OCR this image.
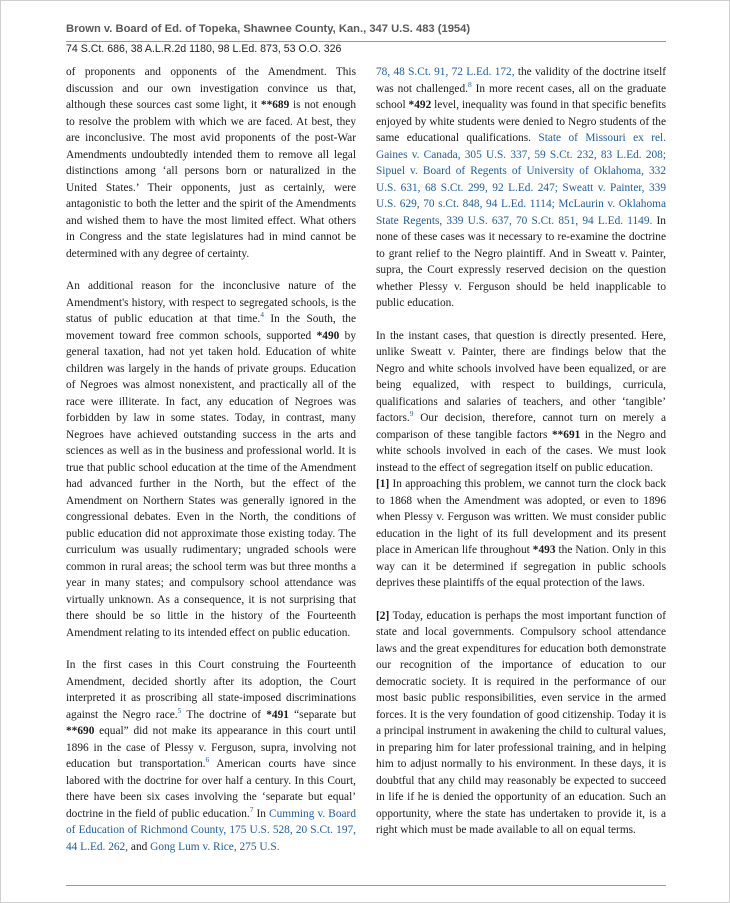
Brown v. Board of Ed. of Topeka, Shawnee County, Kan., 347 U.S. 483 (1954)
74 S.Ct. 686, 38 A.L.R.2d 1180, 98 L.Ed. 873, 53 O.O. 326

of proponents and opponents of the Amendment. This discussion and our own investigation convince us that, although these sources cast some light, it **689 is not enough to resolve the problem with which we are faced. At best, they are inconclusive. The most avid proponents of the post-War Amendments undoubtedly intended them to remove all legal distinctions among ‘all persons born or naturalized in the United States.’ Their opponents, just as certainly, were antagonistic to both the letter and the spirit of the Amendments and wished them to have the most limited effect. What others in Congress and the state legislatures had in mind cannot be determined with any degree of certainty.

An additional reason for the inconclusive nature of the Amendment's history, with respect to segregated schools, is the status of public education at that time.$^4$ In the South, the movement toward free common schools, supported *490 by general taxation, had not yet taken hold. Education of white children was largely in the hands of private groups. Education of Negroes was almost nonexistent, and practically all of the race were illiterate. In fact, any education of Negroes was forbidden by law in some states. Today, in contrast, many Negroes have achieved outstanding success in the arts and sciences as well as in the business and professional world. It is true that public school education at the time of the Amendment had advanced further in the North, but the effect of the Amendment on Northern States was generally ignored in the congressional debates. Even in the North, the conditions of public education did not approximate those existing today. The curriculum was usually rudimentary; ungraded schools were common in rural areas; the school term was but three months a year in many states; and compulsory school attendance was virtually unknown. As a consequence, it is not surprising that there should be so little in the history of the Fourteenth Amendment relating to its intended effect on public education.

In the first cases in this Court construing the Fourteenth Amendment, decided shortly after its adoption, the Court interpreted it as proscribing all state-imposed discriminations against the Negro race.$^5$ The doctrine of *491 “separate but **690 equal” did not make its appearance in this court until 1896 in the case of Plessy v. Ferguson, supra, involving not education but transportation.$^6$ American courts have since labored with the doctrine for over half a century. In this Court, there have been six cases involving the ‘separate but equal’ doctrine in the field of public education.$^7$ In Cumming v. Board of Education of Richmond County, 175 U.S. 528, 20 S.Ct. 197, 44 L.Ed. 262, and Gong Lum v. Rice, 275 U.S.

78, 48 S.Ct. 91, 72 L.Ed. 172, the validity of the doctrine itself was not challenged.$^8$ In more recent cases, all on the graduate school *492 level, inequality was found in that specific benefits enjoyed by white students were denied to Negro students of the same educational qualifications. State of Missouri ex rel. Gaines v. Canada, 305 U.S. 337, 59 S.Ct. 232, 83 L.Ed. 208; Sipuel v. Board of Regents of University of Oklahoma, 332 U.S. 631, 68 S.Ct. 299, 92 L.Ed. 247; Sweatt v. Painter, 339 U.S. 629, 70 s.Ct. 848, 94 L.Ed. 1114; McLaurin v. Oklahoma State Regents, 339 U.S. 637, 70 S.Ct. 851, 94 L.Ed. 1149. In none of these cases was it necessary to re-examine the doctrine to grant relief to the Negro plaintiff. And in Sweatt v. Painter, supra, the Court expressly reserved decision on the question whether Plessy v. Ferguson should be held inapplicable to public education.

In the instant cases, that question is directly presented. Here, unlike Sweatt v. Painter, there are findings below that the Negro and white schools involved have been equalized, or are being equalized, with respect to buildings, curricula, qualifications and salaries of teachers, and other ‘tangible’ factors.$^9$ Our decision, therefore, cannot turn on merely a comparison of these tangible factors **691 in the Negro and white schools involved in each of the cases. We must look instead to the effect of segregation itself on public education.

[1] In approaching this problem, we cannot turn the clock back to 1868 when the Amendment was adopted, or even to 1896 when Plessy v. Ferguson was written. We must consider public education in the light of its full development and its present place in American life throughout *493 the Nation. Only in this way can it be determined if segregation in public schools deprives these plaintiffs of the equal protection of the laws.

[2] Today, education is perhaps the most important function of state and local governments. Compulsory school attendance laws and the great expenditures for education both demonstrate our recognition of the importance of education to our democratic society. It is required in the performance of our most basic public responsibilities, even service in the armed forces. It is the very foundation of good citizenship. Today it is a principal instrument in awakening the child to cultural values, in preparing him for later professional training, and in helping him to adjust normally to his environment. In these days, it is doubtful that any child may reasonably be expected to succeed in life if he is denied the opportunity of an education. Such an opportunity, where the state has undertaken to provide it, is a right which must be made available to all on equal terms.
